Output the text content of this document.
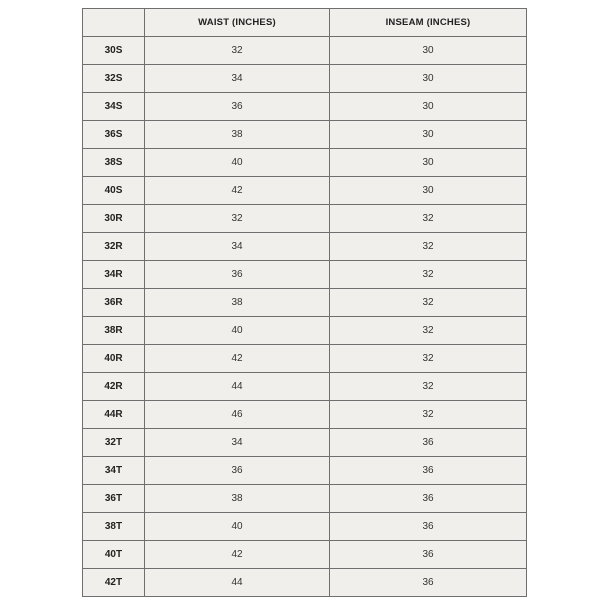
	WAIST (INCHES)	INSEAM (INCHES)
30S	32	30
32S	34	30
34S	36	30
36S	38	30
38S	40	30
40S	42	30
30R	32	32
32R	34	32
34R	36	32
36R	38	32
38R	40	32
40R	42	32
42R	44	32
44R	46	32
32T	34	36
34T	36	36
36T	38	36
38T	40	36
40T	42	36
42T	44	36
